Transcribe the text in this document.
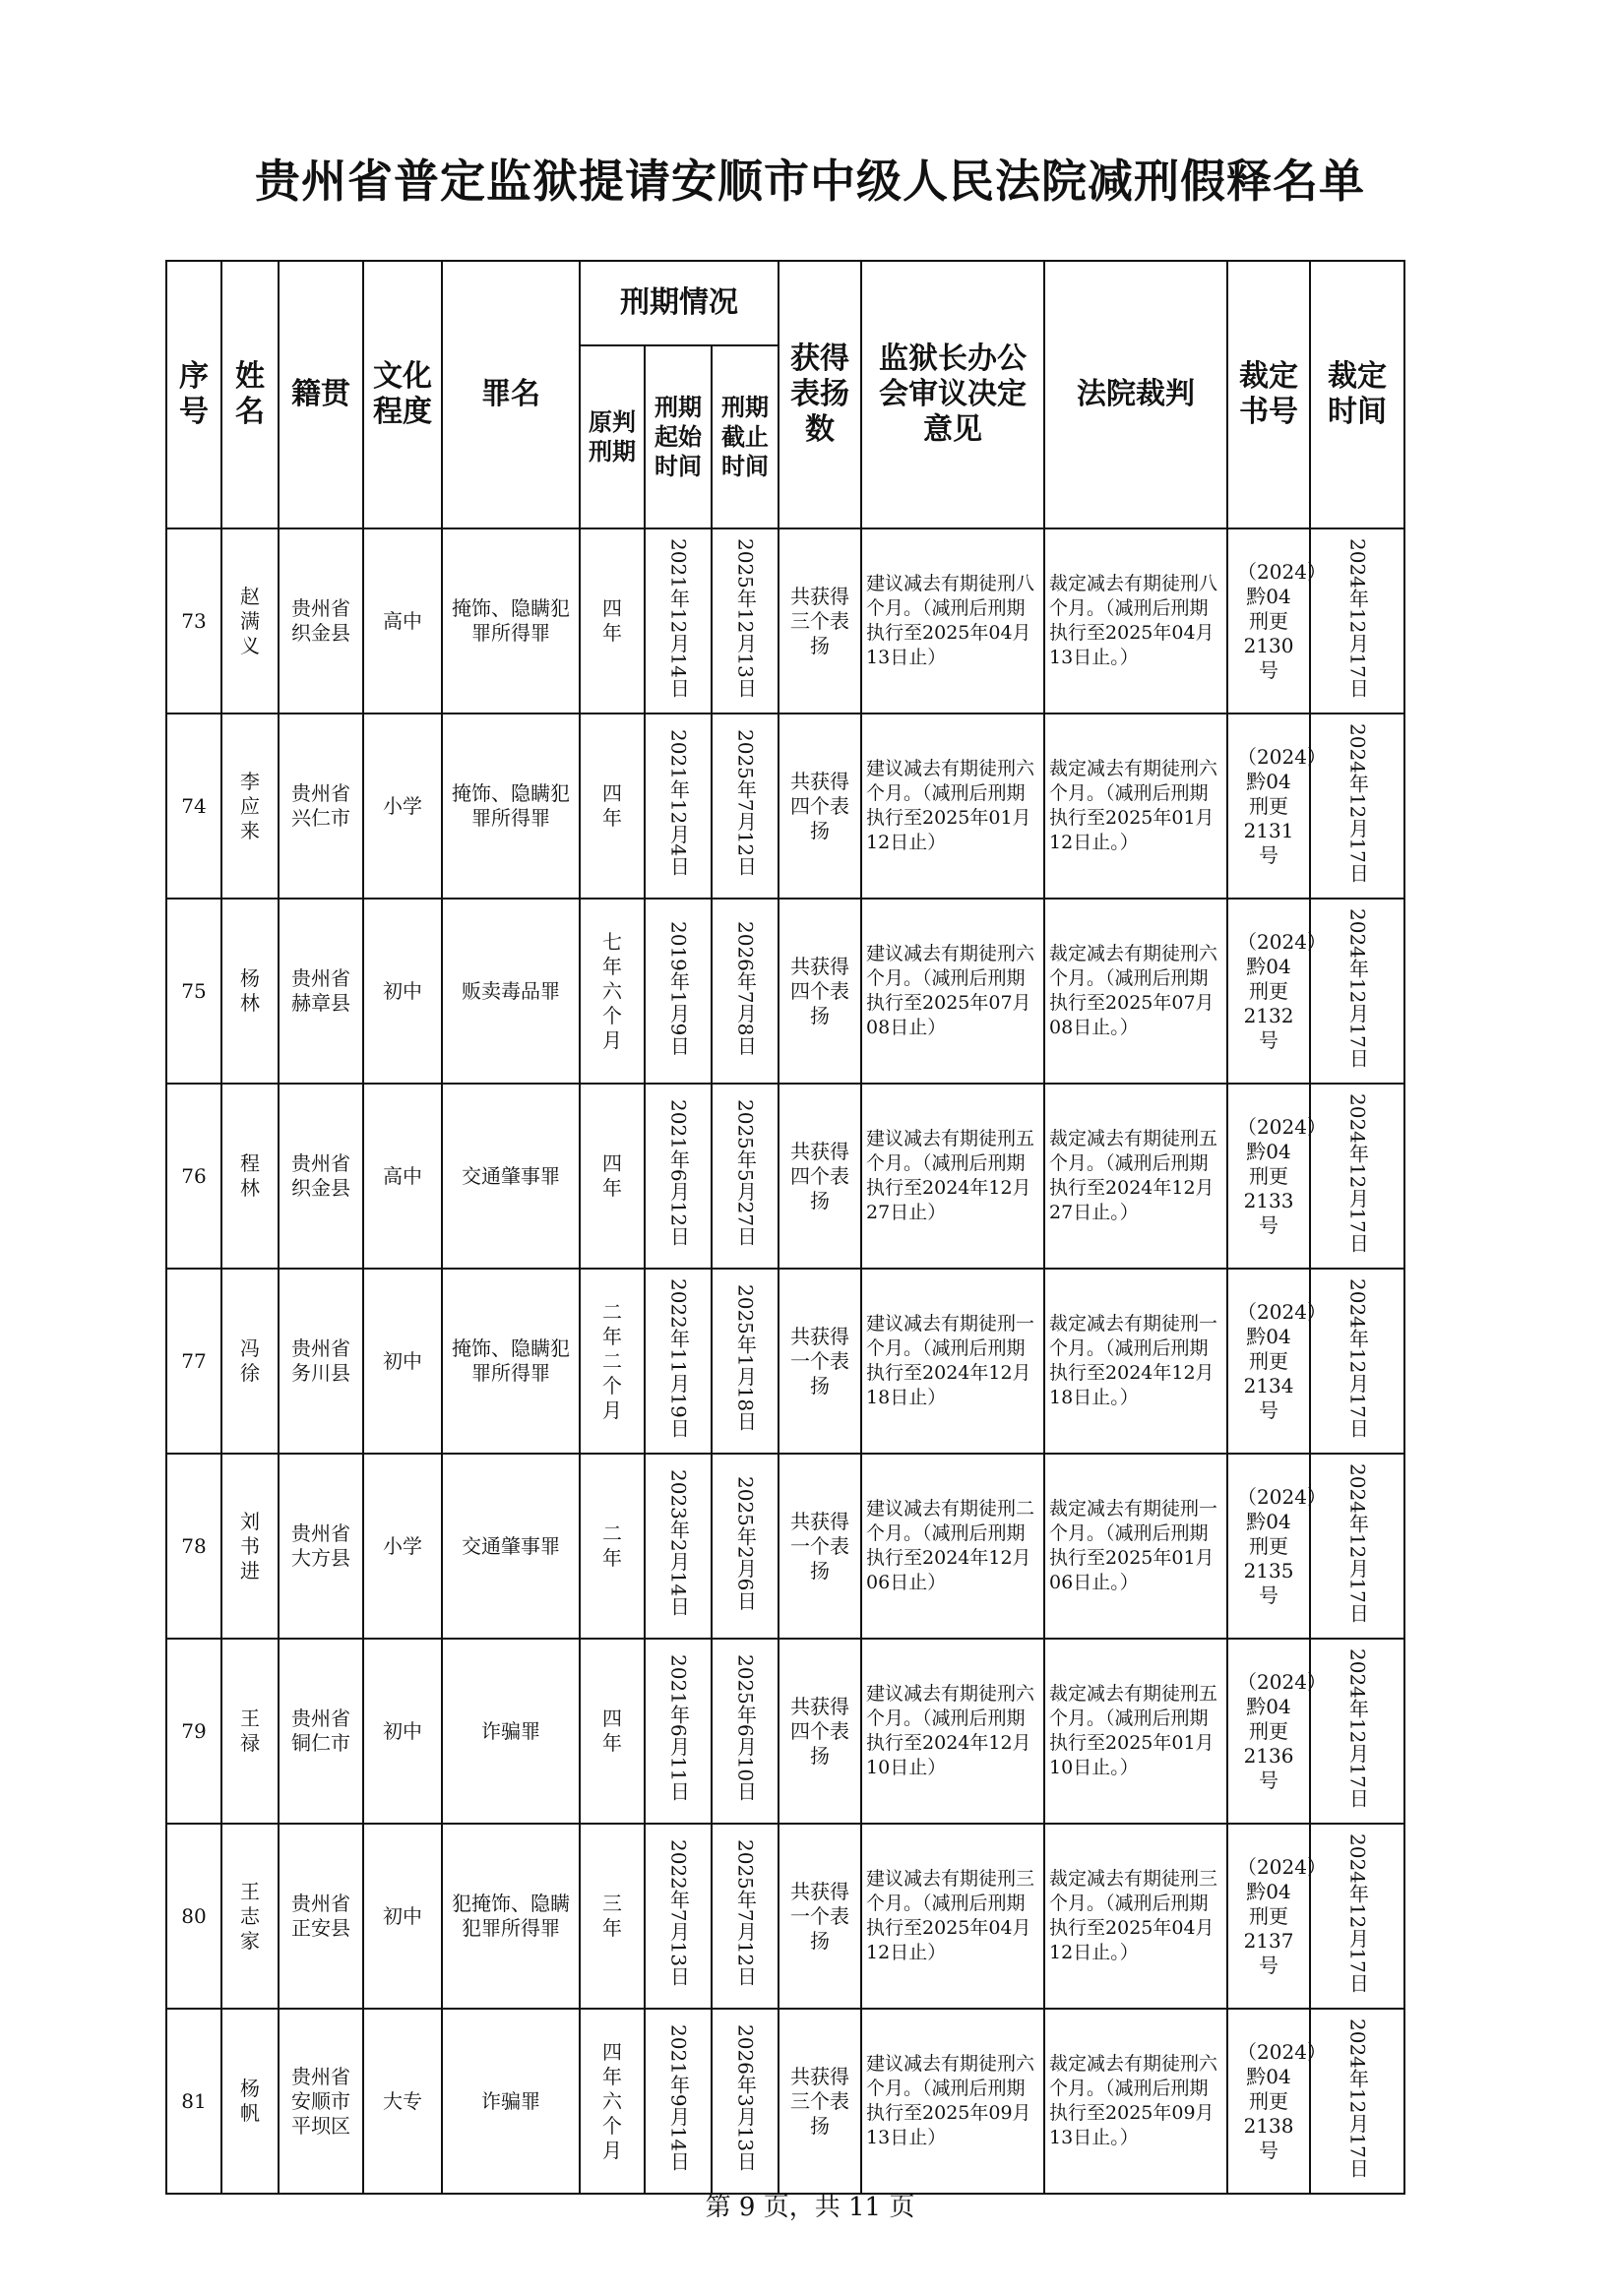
贵州省普定监狱提请安顺市中级人民法院减刑假释名单
序号	姓名	籍贯	文化程度	罪名	刑期情况			获得表扬数	监狱长办公会审议决定意见	法院裁判	裁定书号	裁定时间
					原判刑期	刑期起始时间	刑期截止时间					
73	赵满义	贵州省织金县	高中	掩饰、隐瞒犯罪所得罪	四年	2021年12月14日	2025年12月13日	共获得三个表扬	建议减去有期徒刑八个月。（减刑后刑期执行至2025年04月13日止）	裁定减去有期徒刑八个月。（减刑后刑期执行至2025年04月13日止。）	（2024）黔04刑更2130号	2024年12月17日
74	李应来	贵州省兴仁市	小学	掩饰、隐瞒犯罪所得罪	四年	2021年12月4日	2025年7月12日	共获得四个表扬	建议减去有期徒刑六个月。（减刑后刑期执行至2025年01月12日止）	裁定减去有期徒刑六个月。（减刑后刑期执行至2025年01月12日止。）	（2024）黔04刑更2131号	2024年12月17日
75	杨林	贵州省赫章县	初中	贩卖毒品罪	七年六个月	2019年1月9日	2026年7月8日	共获得四个表扬	建议减去有期徒刑六个月。（减刑后刑期执行至2025年07月08日止）	裁定减去有期徒刑六个月。（减刑后刑期执行至2025年07月08日止。）	（2024）黔04刑更2132号	2024年12月17日
76	程林	贵州省织金县	高中	交通肇事罪	四年	2021年6月12日	2025年5月27日	共获得四个表扬	建议减去有期徒刑五个月。（减刑后刑期执行至2024年12月27日止）	裁定减去有期徒刑五个月。（减刑后刑期执行至2024年12月27日止。）	（2024）黔04刑更2133号	2024年12月17日
77	冯徐	贵州省务川县	初中	掩饰、隐瞒犯罪所得罪	二年二个月	2022年11月19日	2025年1月18日	共获得一个表扬	建议减去有期徒刑一个月。（减刑后刑期执行至2024年12月18日止）	裁定减去有期徒刑一个月。（减刑后刑期执行至2024年12月18日止。）	（2024）黔04刑更2134号	2024年12月17日
78	刘书进	贵州省大方县	小学	交通肇事罪	二年	2023年2月14日	2025年2月6日	共获得一个表扬	建议减去有期徒刑二个月。（减刑后刑期执行至2024年12月06日止）	裁定减去有期徒刑一个月。（减刑后刑期执行至2025年01月06日止。）	（2024）黔04刑更2135号	2024年12月17日
79	王禄	贵州省铜仁市	初中	诈骗罪	四年	2021年6月11日	2025年6月10日	共获得四个表扬	建议减去有期徒刑六个月。（减刑后刑期执行至2024年12月10日止）	裁定减去有期徒刑五个月。（减刑后刑期执行至2025年01月10日止。）	（2024）黔04刑更2136号	2024年12月17日
80	王志家	贵州省正安县	初中	犯掩饰、隐瞒犯罪所得罪	三年	2022年7月13日	2025年7月12日	共获得一个表扬	建议减去有期徒刑三个月。（减刑后刑期执行至2025年04月12日止）	裁定减去有期徒刑三个月。（减刑后刑期执行至2025年04月12日止。）	（2024）黔04刑更2137号	2024年12月17日
81	杨帆	贵州省安顺市平坝区	大专	诈骗罪	四年六个月	2021年9月14日	2026年3月13日	共获得三个表扬	建议减去有期徒刑六个月。（减刑后刑期执行至2025年09月13日止）	裁定减去有期徒刑六个月。（减刑后刑期执行至2025年09月13日止。）	（2024）黔04刑更2138号	2024年12月17日
第 9 页，共 11 页
